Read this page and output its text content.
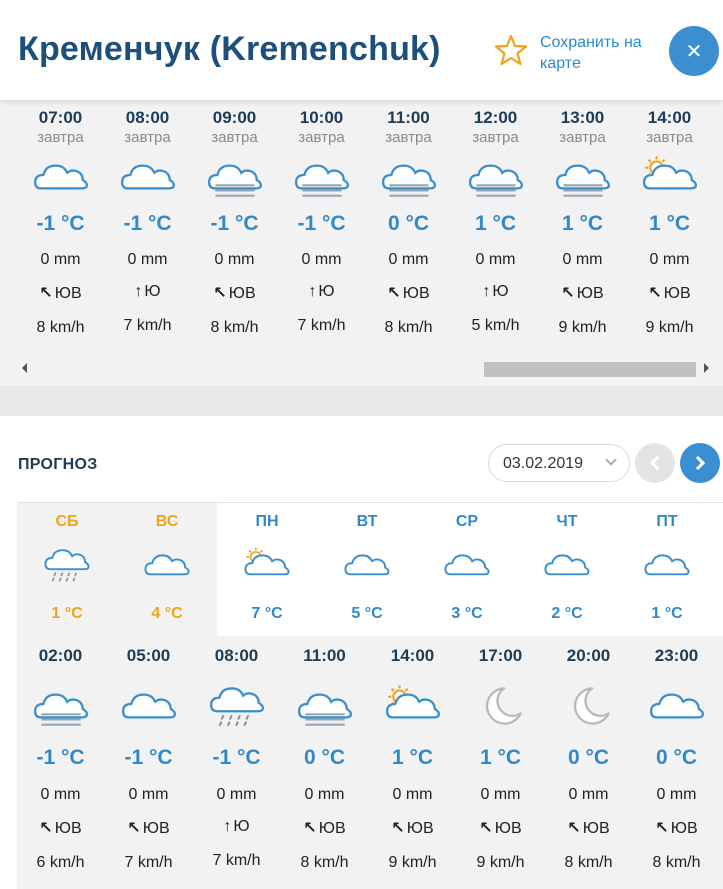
Кременчук (Kremenchuk)	Сохранить на карте
✕
07:00
завтра
-1 °C
0 mm
↖ ЮВ
8 km/h
08:00
завтра
-1 °C
0 mm
↑ Ю
7 km/h
09:00
завтра
-1 °C
0 mm
↖ ЮВ
8 km/h
10:00
завтра
-1 °C
0 mm
↑ Ю
7 km/h
11:00
завтра
0 °C
0 mm
↖ ЮВ
8 km/h
12:00
завтра
1 °C
0 mm
↑ Ю
5 km/h
13:00
завтра
1 °C
0 mm
↖ ЮВ
9 km/h
14:00
завтра
1 °C
0 mm
↖ ЮВ
9 km/h
ПРОГНОЗ	03.02.2019
СБ
1 °C
ВС
4 °C
ПН
7 °C
ВТ
5 °C
СР
3 °C
ЧТ
2 °C
ПТ
1 °C
02:00
-1 °C
0 mm
↖ ЮВ
6 km/h
05:00
-1 °C
0 mm
↖ ЮВ
7 km/h
08:00
-1 °C
0 mm
↑ Ю
7 km/h
11:00
0 °C
0 mm
↖ ЮВ
8 km/h
14:00
1 °C
0 mm
↖ ЮВ
9 km/h
17:00
1 °C
0 mm
↖ ЮВ
9 km/h
20:00
0 °C
0 mm
↖ ЮВ
8 km/h
23:00
0 °C
0 mm
↖ ЮВ
8 km/h
